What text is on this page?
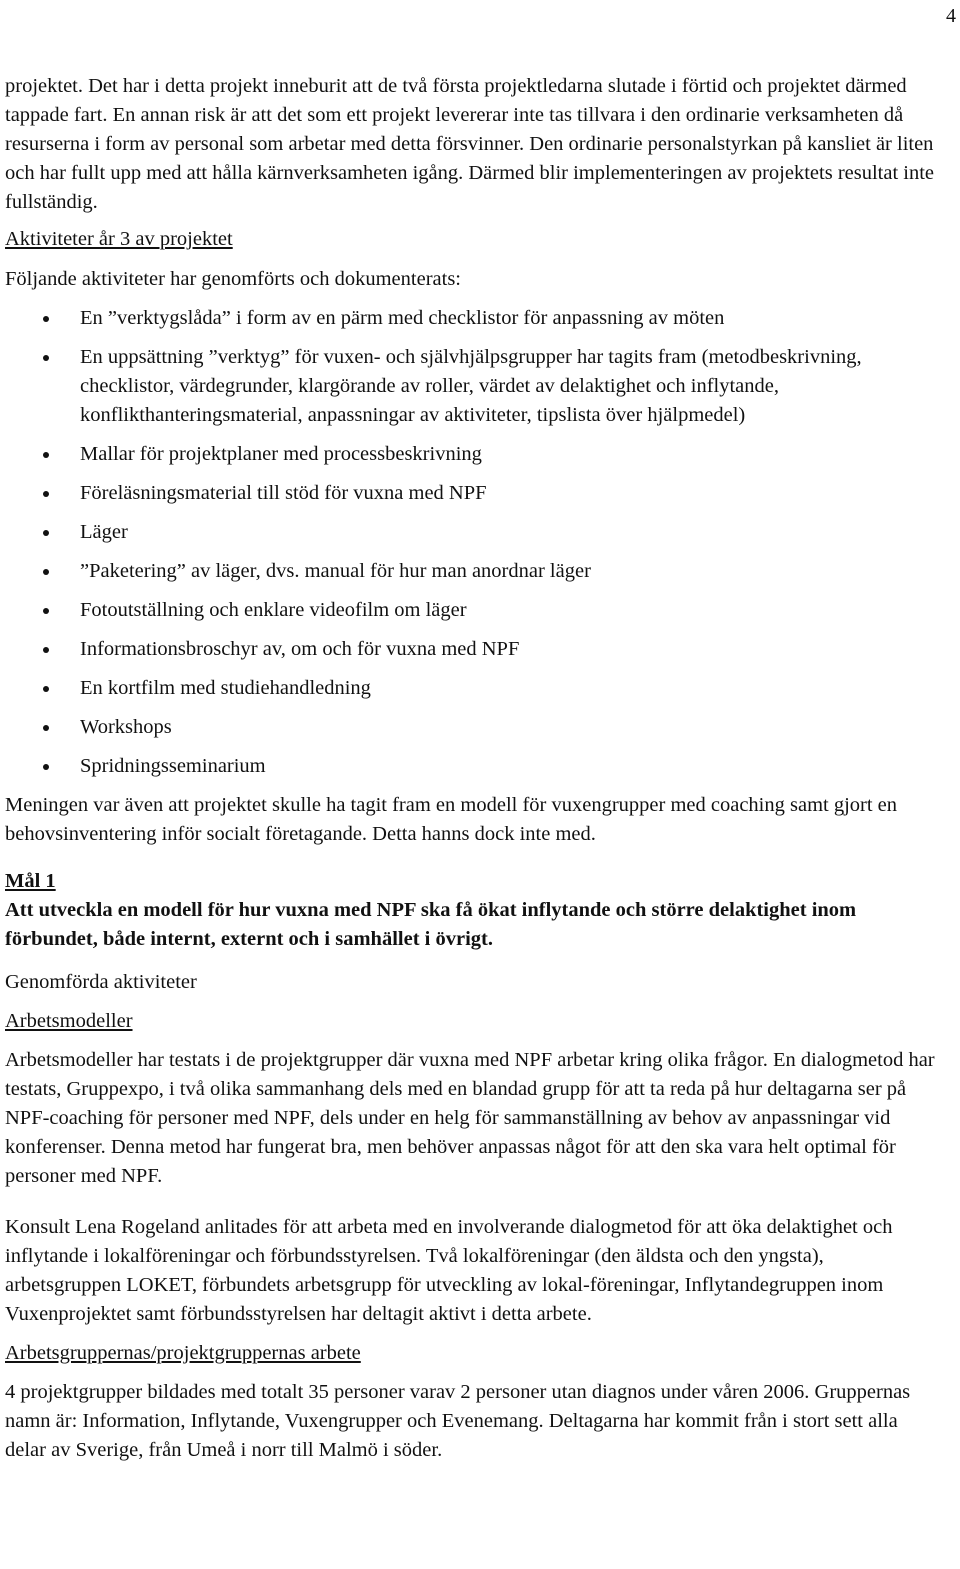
4

projektet. Det har i detta projekt inneburit att de två första projektledarna slutade i förtid och projektet därmed tappade fart. En annan risk är att det som ett projekt levererar inte tas tillvara i den ordinarie verksamheten då resurserna i form av personal som arbetar med detta försvinner. Den ordinarie personalstyrkan på kansliet är liten och har fullt upp med att hålla kärnverksamheten igång. Därmed blir implementeringen av projektets resultat inte fullständig.

Aktiviteter år 3 av projektet

Följande aktiviteter har genomförts och dokumenterats:

En ”verktygslåda” i form av en pärm med checklistor för anpassning av möten
En uppsättning ”verktyg” för vuxen- och självhjälpsgrupper har tagits fram (metodbeskrivning, checklistor, värdegrunder, klargörande av roller, värdet av delaktighet och inflytande, konflikthanteringsmaterial, anpassningar av aktiviteter, tipslista över hjälpmedel)
Mallar för projektplaner med processbeskrivning
Föreläsningsmaterial till stöd för vuxna med NPF
Läger
”Paketering” av läger, dvs. manual för hur man anordnar läger
Fotoutställning och enklare videofilm om läger
Informationsbroschyr av, om och för vuxna med NPF
En kortfilm med studiehandledning
Workshops
Spridningsseminarium

Meningen var även att projektet skulle ha tagit fram en modell för vuxengrupper med coaching samt gjort en behovsinventering inför socialt företagande. Detta hanns dock inte med.

Mål 1

Att utveckla en modell för hur vuxna med NPF ska få ökat inflytande och större delaktighet inom förbundet, både internt, externt och i samhället i övrigt.

Genomförda aktiviteter

Arbetsmodeller

Arbetsmodeller har testats i de projektgrupper där vuxna med NPF arbetar kring olika frågor. En dialogmetod har testats, Gruppexpo, i två olika sammanhang dels med en blandad grupp för att ta reda på hur deltagarna ser på NPF-coaching för personer med NPF, dels under en helg för sammanställning av behov av anpassningar vid konferenser. Denna metod har fungerat bra, men behöver anpassas något för att den ska vara helt optimal för personer med NPF.

Konsult Lena Rogeland anlitades för att arbeta med en involverande dialogmetod för att öka delaktighet och inflytande i lokalföreningar och förbundsstyrelsen. Två lokalföreningar (den äldsta och den yngsta), arbetsgruppen LOKET, förbundets arbetsgrupp för utveckling av lokal-föreningar, Inflytandegruppen inom Vuxenprojektet samt förbundsstyrelsen har deltagit aktivt i detta arbete.

Arbetsgruppernas/projektgruppernas arbete

4 projektgrupper bildades med totalt 35 personer varav 2 personer utan diagnos under våren 2006. Gruppernas namn är: Information, Inflytande, Vuxengrupper och Evenemang. Deltagarna har kommit från i stort sett alla delar av Sverige, från Umeå i norr till Malmö i söder.
